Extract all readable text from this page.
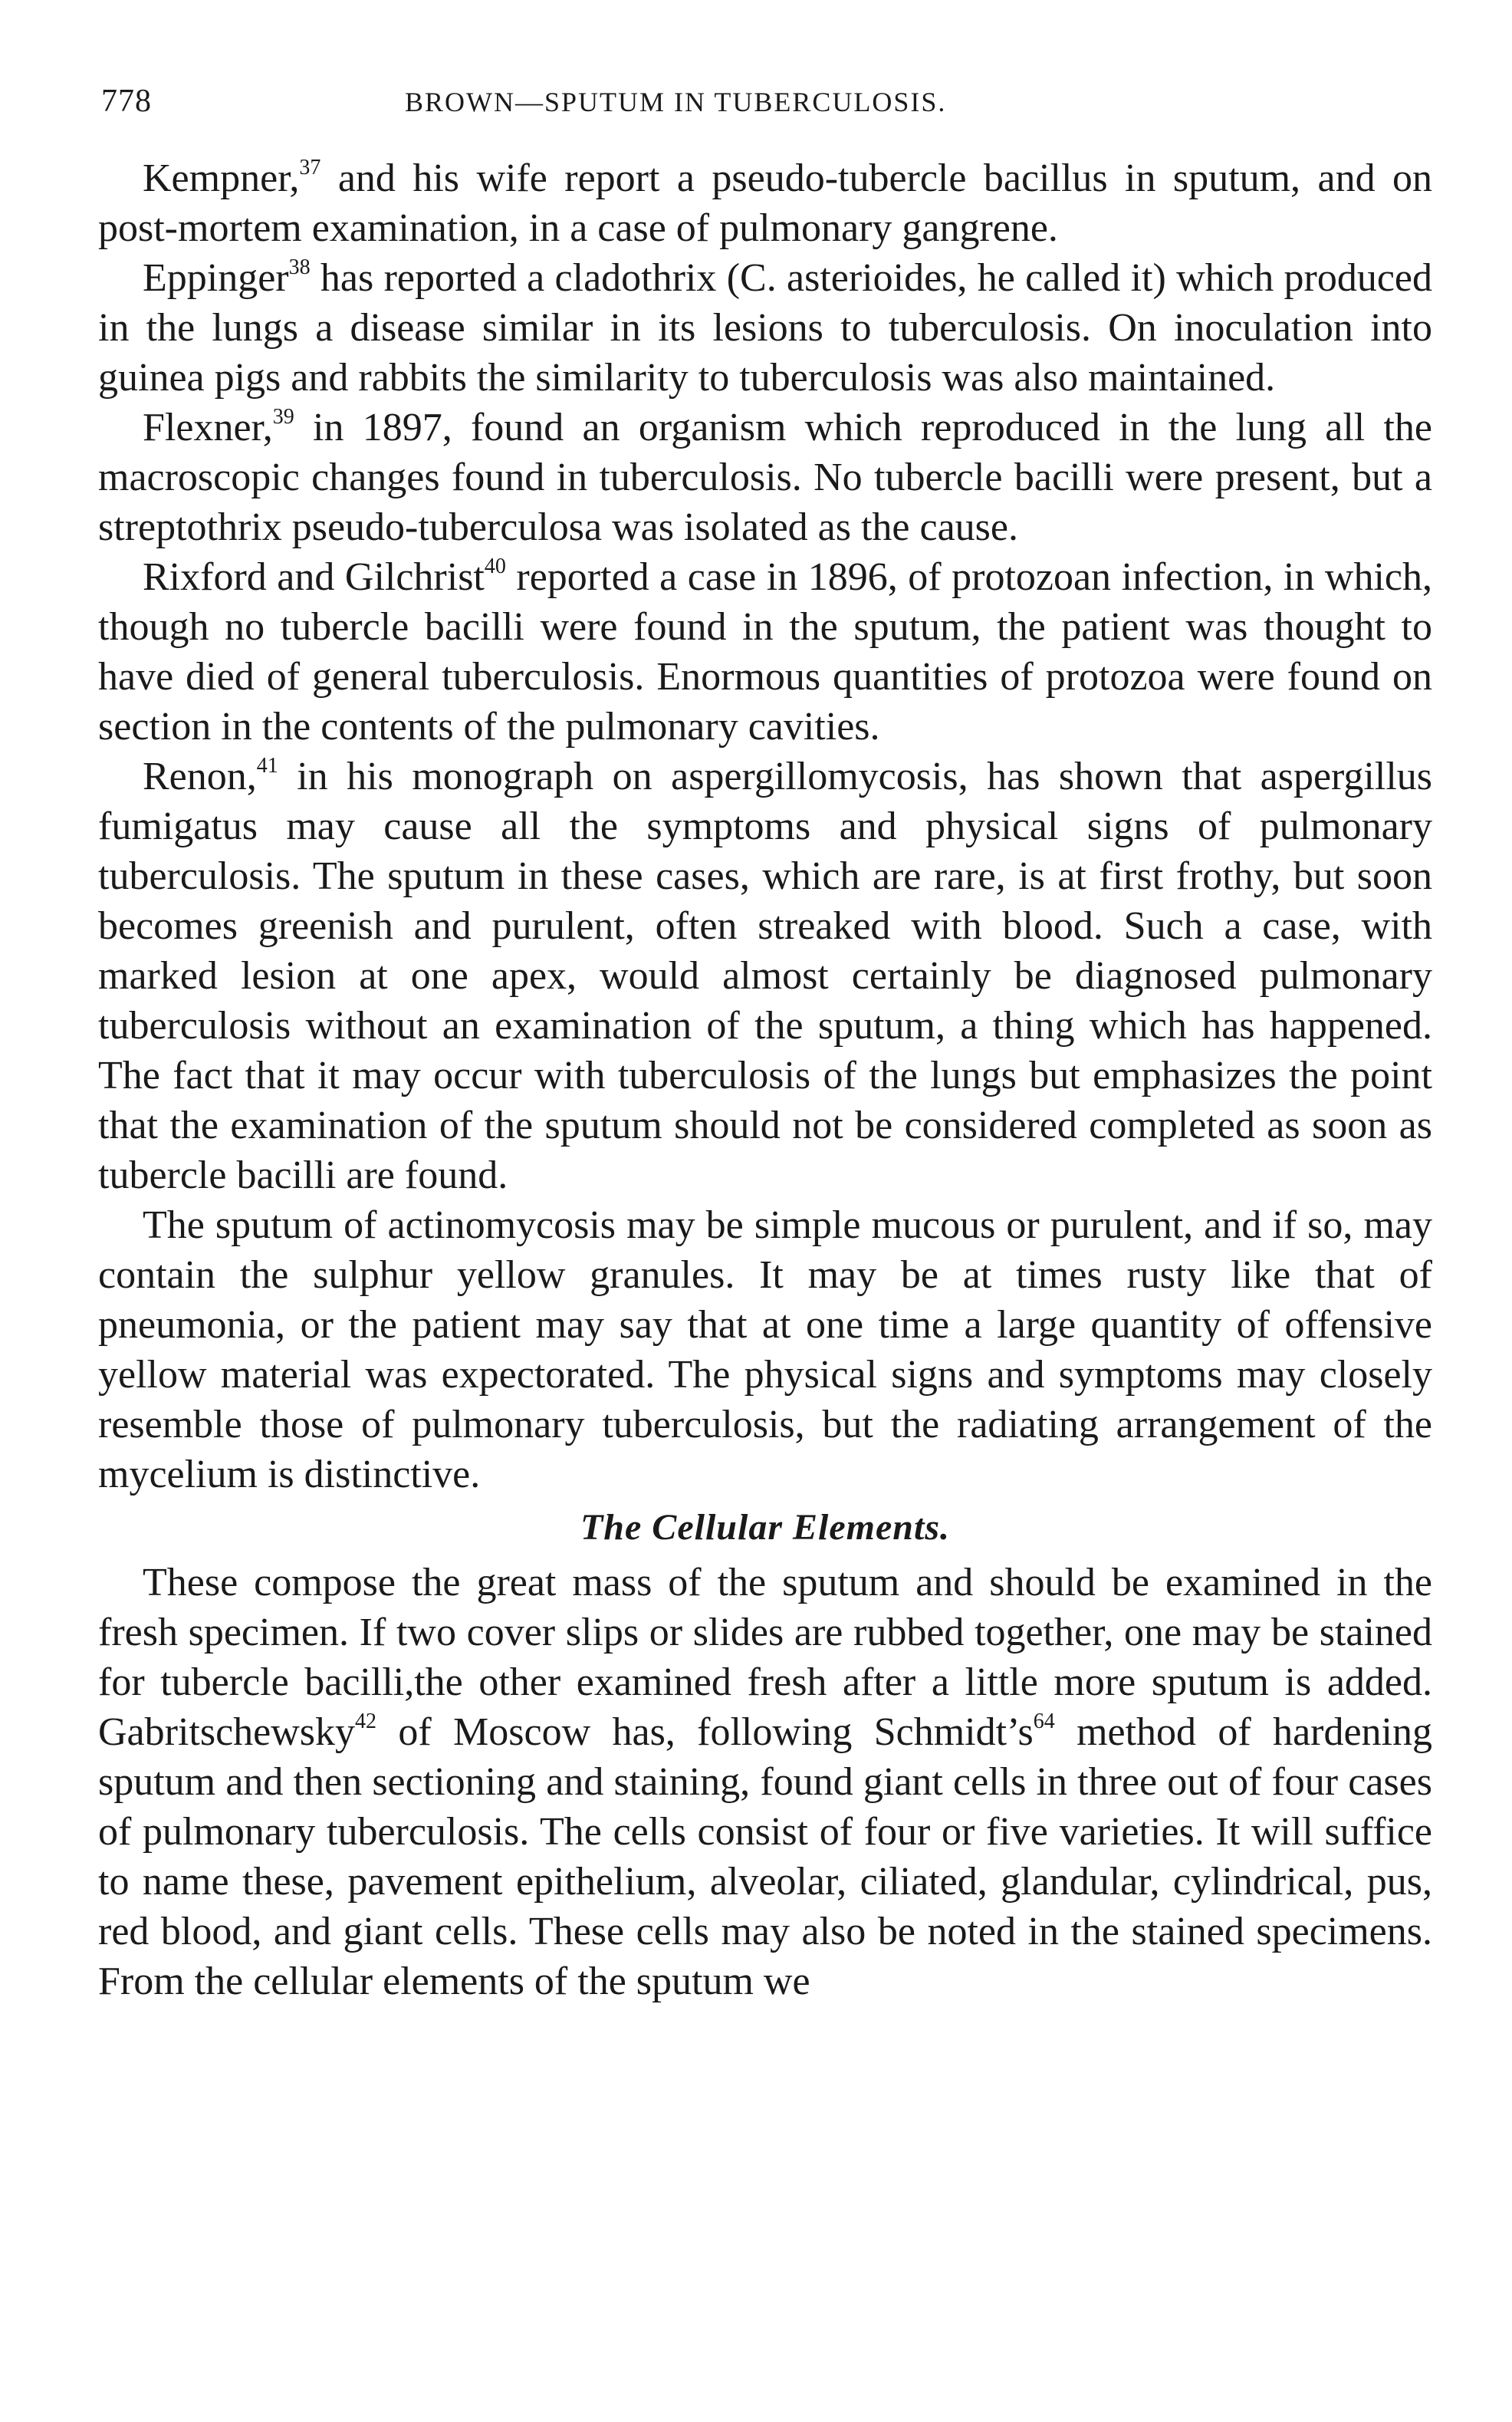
778	BROWN—SPUTUM IN TUBERCULOSIS.

Kempner,$^{37}$ and his wife report a pseudo-tubercle bacillus in sputum, and on post-mortem examination, in a case of pulmonary gangrene.

Eppinger$^{38}$ has reported a cladothrix (C. asterioides, he called it) which produced in the lungs a disease similar in its lesions to tuberculosis. On inoculation into guinea pigs and rabbits the similarity to tuberculosis was also maintained.

Flexner,$^{39}$ in 1897, found an organism which reproduced in the lung all the macroscopic changes found in tuberculosis. No tubercle bacilli were present, but a streptothrix pseudo-tuberculosa was isolated as the cause.

Rixford and Gilchrist$^{40}$ reported a case in 1896, of protozoan infection, in which, though no tubercle bacilli were found in the sputum, the patient was thought to have died of general tuberculosis. Enormous quantities of protozoa were found on section in the contents of the pulmonary cavities.

Renon,$^{41}$ in his monograph on aspergillomycosis, has shown that aspergillus fumigatus may cause all the symptoms and physical signs of pulmonary tuberculosis. The sputum in these cases, which are rare, is at first frothy, but soon becomes greenish and purulent, often streaked with blood. Such a case, with marked lesion at one apex, would almost certainly be diagnosed pulmonary tuberculosis without an examination of the sputum, a thing which has happened. The fact that it may occur with tuberculosis of the lungs but emphasizes the point that the examination of the sputum should not be considered completed as soon as tubercle bacilli are found.

The sputum of actinomycosis may be simple mucous or purulent, and if so, may contain the sulphur yellow granules. It may be at times rusty like that of pneumonia, or the patient may say that at one time a large quantity of offensive yellow material was expectorated. The physical signs and symptoms may closely resemble those of pulmonary tuberculosis, but the radiating arrangement of the mycelium is distinctive.

The Cellular Elements.

These compose the great mass of the sputum and should be examined in the fresh specimen. If two cover slips or slides are rubbed together, one may be stained for tubercle bacilli,the other examined fresh after a little more sputum is added. Gabritschewsky$^{42}$ of Moscow has, following $Schmidt’s^{64}$ method of hardening sputum and then sectioning and staining, found giant cells in three out of four cases of pulmonary tuberculosis. The cells consist of four or five varieties. It will suffice to name these, pavement epithelium, alveolar, ciliated, glandular, cylindrical, pus, red blood, and giant cells. These cells may also be noted in the stained specimens. From the cellular elements of the sputum we
